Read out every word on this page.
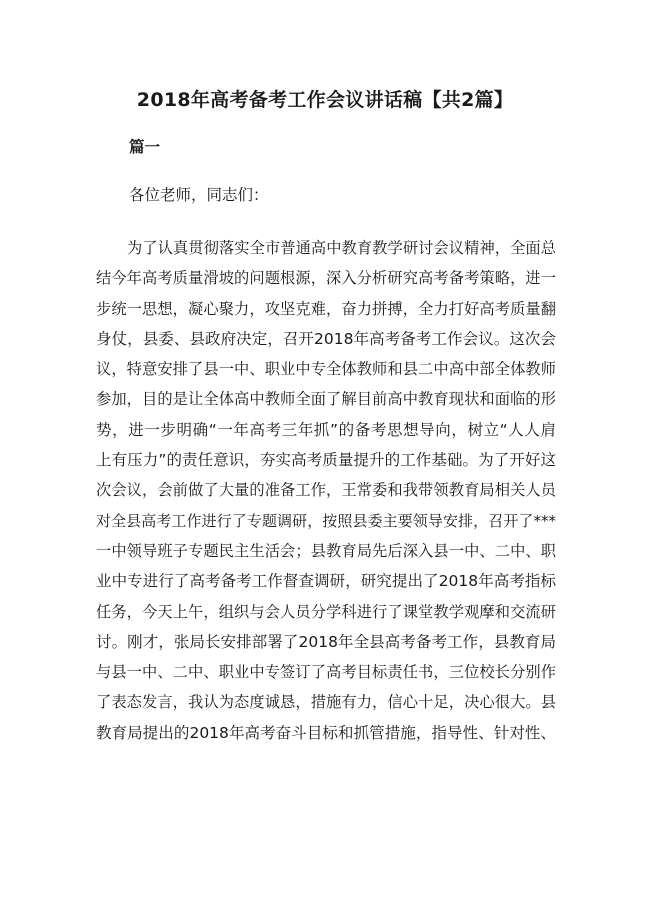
2018年高考备考工作会议讲话稿【共2篇】
篇一

各位老师，同志们：

为了认真贯彻落实全市普通高中教育教学研讨会议精神，全面总
结今年高考质量滑坡的问题根源，深入分析研究高考备考策略，进一
步统一思想，凝心聚力，攻坚克难，奋力拼搏，全力打好高考质量翻
身仗，县委、县政府决定，召开2018年高考备考工作会议。这次会
议，特意安排了县一中、职业中专全体教师和县二中高中部全体教师
参加，目的是让全体高中教师全面了解目前高中教育现状和面临的形
势，进一步明确“一年高考三年抓”的备考思想导向，树立“人人肩
上有压力”的责任意识，夯实高考质量提升的工作基础。为了开好这
次会议，会前做了大量的准备工作，王常委和我带领教育局相关人员
对全县高考工作进行了专题调研，按照县委主要领导安排，召开了***
一中领导班子专题民主生活会；县教育局先后深入县一中、二中、职
业中专进行了高考备考工作督查调研，研究提出了2018年高考指标
任务，今天上午，组织与会人员分学科进行了课堂教学观摩和交流研
讨。刚才，张局长安排部署了2018年全县高考备考工作，县教育局
与县一中、二中、职业中专签订了高考目标责任书，三位校长分别作
了表态发言，我认为态度诚恳，措施有力，信心十足，决心很大。县
教育局提出的2018年高考奋斗目标和抓管措施，指导性、针对性、
